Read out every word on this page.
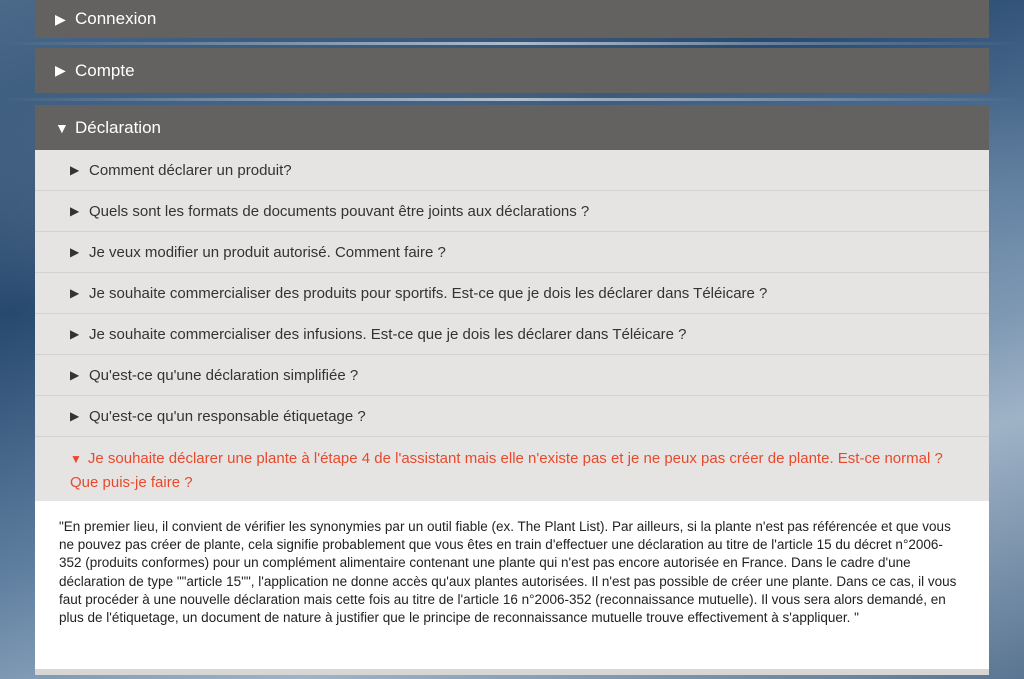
▶ Connexion
▶ Compte
▼ Déclaration
▶ Comment déclarer un produit?
▶ Quels sont les formats de documents pouvant être joints aux déclarations ?
▶ Je veux modifier un produit autorisé. Comment faire ?
▶ Je souhaite commercialiser des produits pour sportifs. Est-ce que je dois les déclarer dans Téléicare ?
▶ Je souhaite commercialiser des infusions. Est-ce que je dois les déclarer dans Téléicare ?
▶ Qu'est-ce qu'une déclaration simplifiée ?
▶ Qu'est-ce qu'un responsable étiquetage ?
▼ Je souhaite déclarer une plante à l'étape 4 de l'assistant mais elle n'existe pas et je ne peux pas créer de plante. Est-ce normal ? Que puis-je faire ?
"En premier lieu, il convient de vérifier les synonymies par un outil fiable (ex. The Plant List). Par ailleurs, si la plante n'est pas référencée et que vous ne pouvez pas créer de plante, cela signifie probablement que vous êtes en train d'effectuer une déclaration au titre de l'article 15 du décret n°2006-352 (produits conformes) pour un complément alimentaire contenant une plante qui n'est pas encore autorisée en France. Dans le cadre d'une déclaration de type ""article 15"", l'application ne donne accès qu'aux plantes autorisées. Il n'est pas possible de créer une plante. Dans ce cas, il vous faut procéder à une nouvelle déclaration mais cette fois au titre de l'article 16 n°2006-352 (reconnaissance mutuelle). Il vous sera alors demandé, en plus de l'étiquetage, un document de nature à justifier que le principe de reconnaissance mutuelle trouve effectivement à s'appliquer. "
